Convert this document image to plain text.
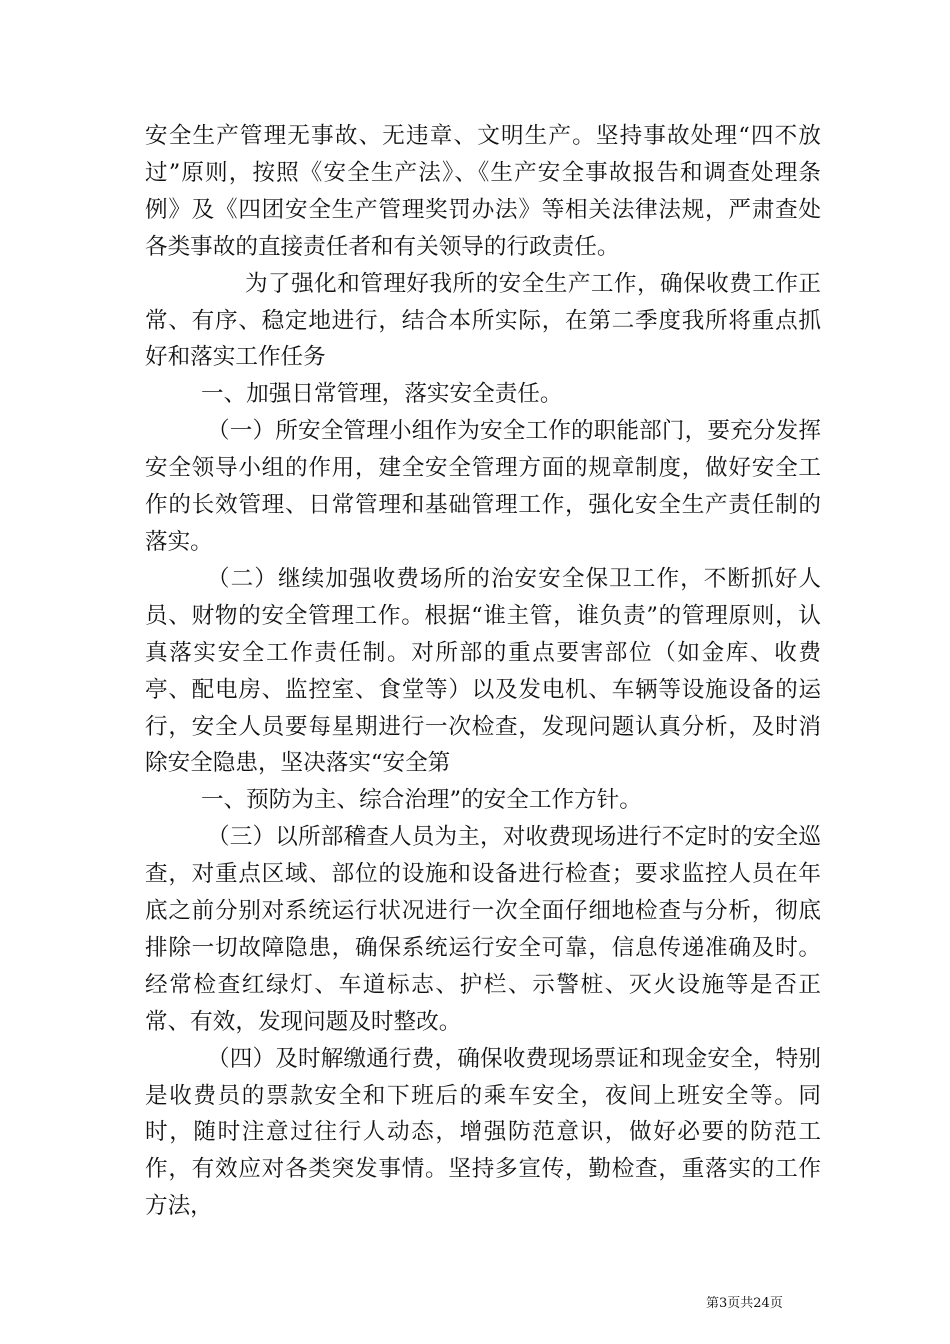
安全生产管理无事故、无违章、文明生产。坚持事故处理“四不放过”原则，按照《安全生产法》、《生产安全事故报告和调查处理条例》及《四团安全生产管理奖罚办法》等相关法律法规，严肃查处各类事故的直接责任者和有关领导的行政责任。

为了强化和管理好我所的安全生产工作，确保收费工作正常、有序、稳定地进行，结合本所实际，在第二季度我所将重点抓好和落实工作任务

一、加强日常管理，落实安全责任。

（一）所安全管理小组作为安全工作的职能部门，要充分发挥安全领导小组的作用，建全安全管理方面的规章制度，做好安全工作的长效管理、日常管理和基础管理工作，强化安全生产责任制的落实。

（二）继续加强收费场所的治安安全保卫工作，不断抓好人员、财物的安全管理工作。根据“谁主管，谁负责”的管理原则，认真落实安全工作责任制。对所部的重点要害部位（如金库、收费亭、配电房、监控室、食堂等）以及发电机、车辆等设施设备的运行，安全人员要每星期进行一次检查，发现问题认真分析，及时消除安全隐患，坚决落实“安全第

一、预防为主、综合治理”的安全工作方针。

（三）以所部稽查人员为主，对收费现场进行不定时的安全巡查，对重点区域、部位的设施和设备进行检查；要求监控人员在年底之前分别对系统运行状况进行一次全面仔细地检查与分析，彻底排除一切故障隐患，确保系统运行安全可靠，信息传递准确及时。经常检查红绿灯、车道标志、护栏、示警桩、灭火设施等是否正常、有效，发现问题及时整改。

（四）及时解缴通行费，确保收费现场票证和现金安全，特别是收费员的票款安全和下班后的乘车安全，夜间上班安全等。同时，随时注意过往行人动态，增强防范意识，做好必要的防范工作，有效应对各类突发事情。坚持多宣传，勤检查，重落实的工作方法，

第3页共24页
